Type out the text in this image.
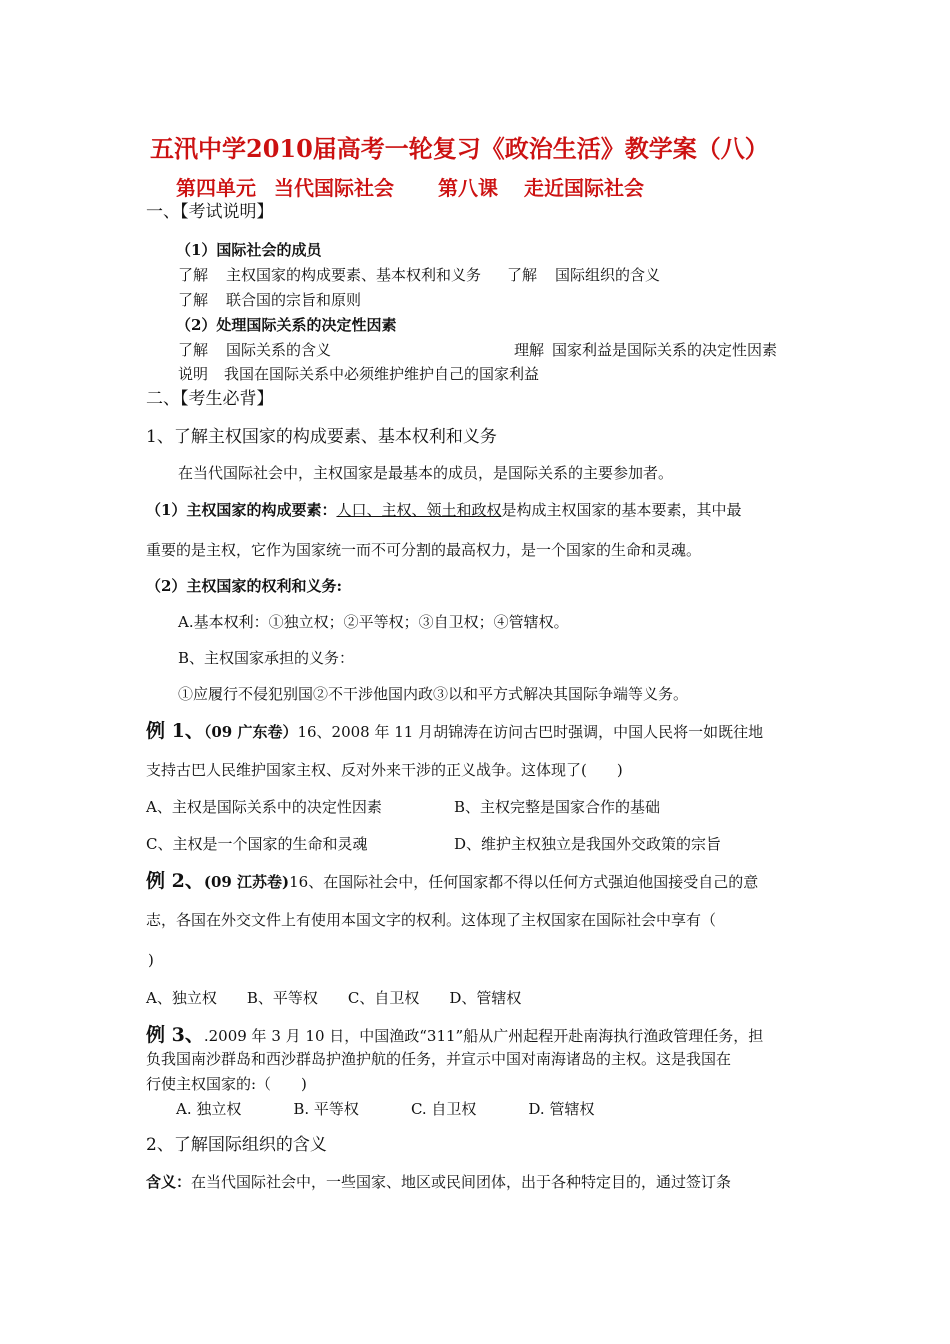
五汛中学2010届高考一轮复习《政治生活》教学案（八）
第四单元 当代国际社会 第八课 走近国际社会
一、【考试说明】
（1）国际社会的成员
了解 主权国家的构成要素、基本权利和义务 了解 国际组织的含义
了解 联合国的宗旨和原则
（2）处理国际关系的决定性因素
了解 国际关系的含义	理解 国家利益是国际关系的决定性因素
说明 我国在国际关系中必须维护维护自己的国家利益
二、【考生必背】
1、了解主权国家的构成要素、基本权利和义务
在当代国际社会中，主权国家是最基本的成员，是国际关系的主要参加者。
（1）主权国家的构成要素：人口、主权、领土和政权是构成主权国家的基本要素，其中最
重要的是主权，它作为国家统一而不可分割的最高权力，是一个国家的生命和灵魂。
（2）主权国家的权利和义务:
A.基本权利：①独立权；②平等权；③自卫权；④管辖权。
B、主权国家承担的义务：
①应履行不侵犯别国②不干涉他国内政③以和平方式解决其国际争端等义务。
例 1、（09 广东卷）16、2008 年 11 月胡锦涛在访问古巴时强调，中国人民将一如既往地
支持古巴人民维护国家主权、反对外来干涉的正义战争。这体现了(　　)
A、主权是国际关系中的决定性因素	B、主权完整是国家合作的基础
C、主权是一个国家的生命和灵魂	D、维护主权独立是我国外交政策的宗旨
例 2、(09 江苏卷)16、在国际社会中，任何国家都不得以任何方式强迫他国接受自己的意
志，各国在外交文件上有使用本国文字的权利。这体现了主权国家在国际社会中享有（
)
A、独立权 B、平等权 C、自卫权 D、管辖权
例 3、.2009 年 3 月 10 日，中国渔政“311”船从广州起程开赴南海执行渔政管理任务，担
负我国南沙群岛和西沙群岛护渔护航的任务，并宣示中国对南海诸岛的主权。这是我国在
行使主权国家的:（　　)
A. 独立权	B. 平等权	C. 自卫权	D. 管辖权
2、了解国际组织的含义
含义：在当代国际社会中，一些国家、地区或民间团体，出于各种特定目的，通过签订条
